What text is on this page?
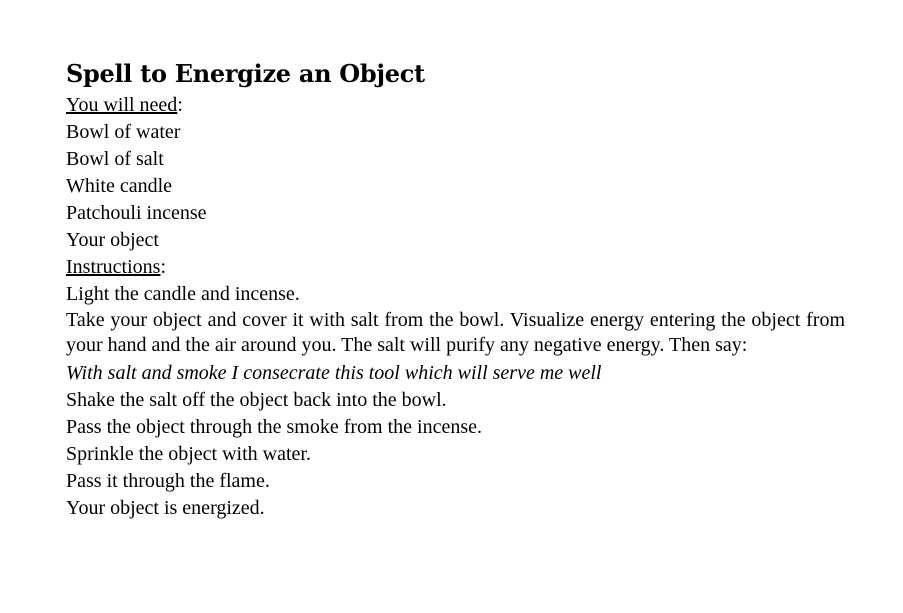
Spell to Energize an Object

You will need:

Bowl of water

Bowl of salt

White candle

Patchouli incense

Your object

Instructions:

Light the candle and incense.

Take your object and cover it with salt from the bowl. Visualize energy entering the object from your hand and the air around you. The salt will purify any negative energy. Then say:

With salt and smoke I consecrate this tool which will serve me well

Shake the salt off the object back into the bowl.

Pass the object through the smoke from the incense.

Sprinkle the object with water.

Pass it through the flame.

Your object is energized.
